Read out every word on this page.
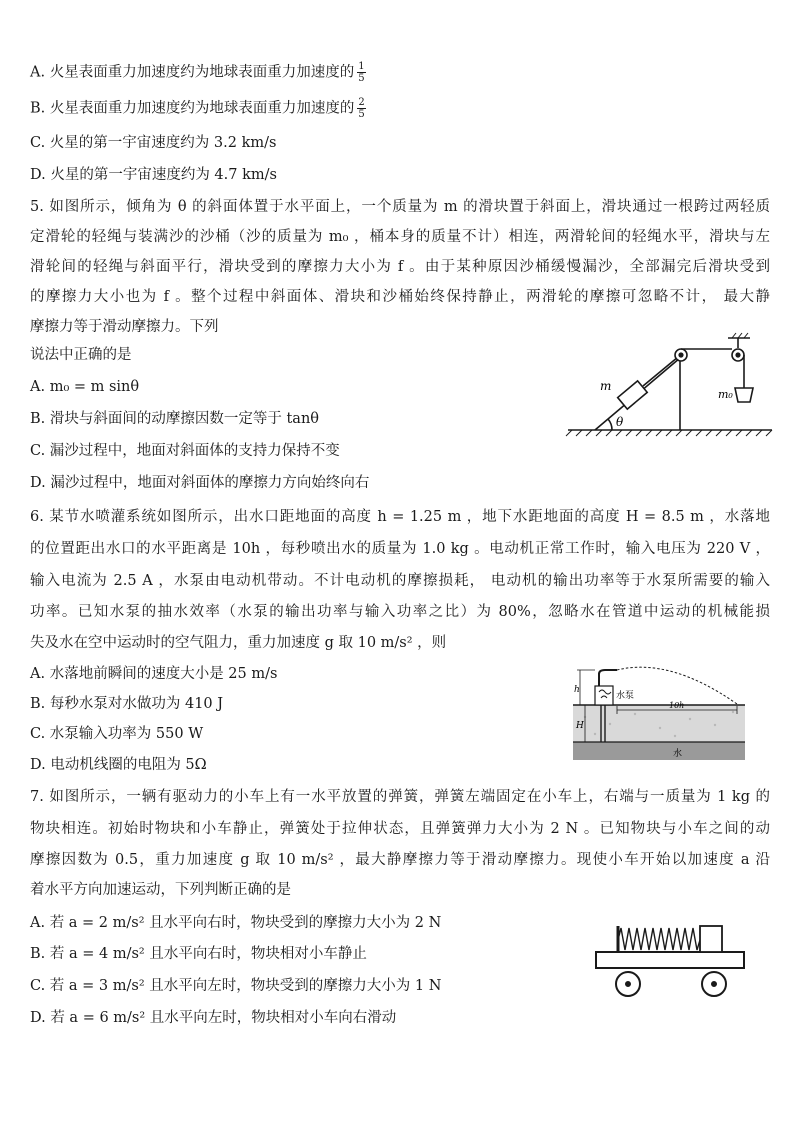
A. 火星表面重力加速度约为地球表面重力加速度的 $\frac{1}{5}$
B. 火星表面重力加速度约为地球表面重力加速度的 $\frac{2}{5}$
C. 火星的第一宇宙速度约为 3.2 km/s
D. 火星的第一宇宙速度约为 4.7 km/s
5. 如图所示，倾角为 θ 的斜面体置于水平面上，一个质量为 m 的滑块置于斜面上，滑块通过一根跨过两轻质
定滑轮的轻绳与装满沙的沙桶（沙的质量为 m₀ ，桶本身的质量不计）相连，两滑轮间的轻绳水平，滑块与左
滑轮间的轻绳与斜面平行，滑块受到的摩擦力大小为 f 。由于某种原因沙桶缓慢漏沙，全部漏完后滑块受到
的摩擦力大小也为 f 。整个过程中斜面体、滑块和沙桶始终保持静止，两滑轮的摩擦可忽略不计， 最大静
摩擦力等于滑动摩擦力。下列
说法中正确的是
A. m₀ = m sinθ
B. 滑块与斜面间的动摩擦因数一定等于 tanθ
C. 漏沙过程中，地面对斜面体的支持力保持不变
D. 漏沙过程中，地面对斜面体的摩擦力方向始终向右
m
θ
m₀
6. 某节水喷灌系统如图所示，出水口距地面的高度 h = 1.25 m ，地下水距地面的高度 H = 8.5 m ，水落地
的位置距出水口的水平距离是 10h ，每秒喷出水的质量为 1.0 kg 。电动机正常工作时，输入电压为 220 V ，
输入电流为 2.5 A ，水泵由电动机带动。不计电动机的摩擦损耗， 电动机的输出功率等于水泵所需要的输入
功率。已知水泵的抽水效率（水泵的输出功率与输入功率之比）为 80%，忽略水在管道中运动的机械能损
失及水在空中运动时的空气阻力，重力加速度 g 取 10 m/s² ，则
A. 水落地前瞬间的速度大小是 25 m/s
B. 每秒水泵对水做功为 410 J
C. 水泵输入功率为 550 W
D. 电动机线圈的电阻为 5Ω
h
H
水泵
10h
水
7. 如图所示，一辆有驱动力的小车上有一水平放置的弹簧，弹簧左端固定在小车上，右端与一质量为 1 kg 的
物块相连。初始时物块和小车静止，弹簧处于拉伸状态，且弹簧弹力大小为 2 N 。已知物块与小车之间的动
摩擦因数为 0.5，重力加速度 g 取 10 m/s² ，最大静摩擦力等于滑动摩擦力。现使小车开始以加速度 a 沿
着水平方向加速运动，下列判断正确的是
A. 若 a = 2 m/s² 且水平向右时，物块受到的摩擦力大小为 2 N
B. 若 a = 4 m/s² 且水平向右时，物块相对小车静止
C. 若 a = 3 m/s² 且水平向左时，物块受到的摩擦力大小为 1 N
D. 若 a = 6 m/s² 且水平向左时，物块相对小车向右滑动
